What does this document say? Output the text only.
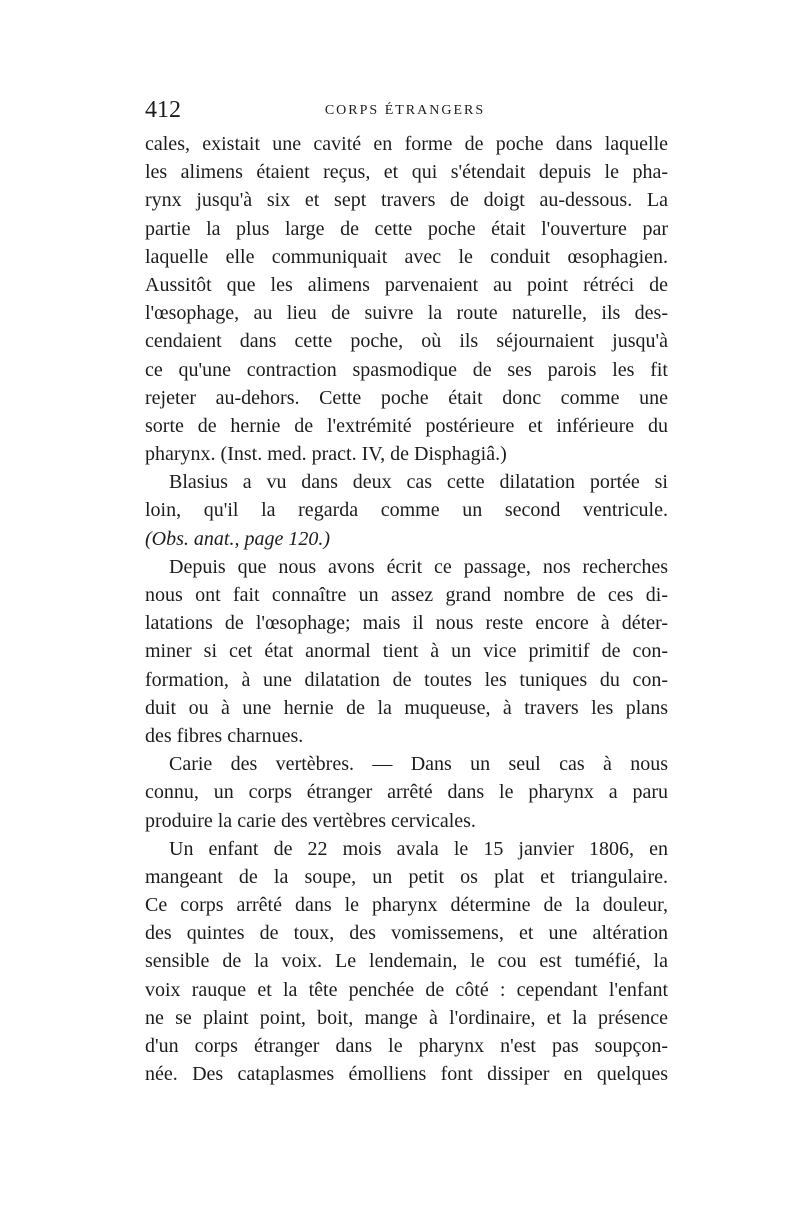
412	CORPS ÉTRANGERS
cales, existait une cavité en forme de poche dans laquelle
les alimens étaient reçus, et qui s'étendait depuis le pha-
rynx jusqu'à six et sept travers de doigt au-dessous. La
partie la plus large de cette poche était l'ouverture par
laquelle elle communiquait avec le conduit œsophagien.
Aussitôt que les alimens parvenaient au point rétréci de
l'œsophage, au lieu de suivre la route naturelle, ils des-
cendaient dans cette poche, où ils séjournaient jusqu'à
ce qu'une contraction spasmodique de ses parois les fit
rejeter au-dehors. Cette poche était donc comme une
sorte de hernie de l'extrémité postérieure et inférieure du
pharynx. (Inst. med. pract. IV, de Disphagiâ.)
Blasius a vu dans deux cas cette dilatation portée si
loin, qu'il la regarda comme un second ventricule.
(Obs. anat., page 120.)
Depuis que nous avons écrit ce passage, nos recherches
nous ont fait connaître un assez grand nombre de ces di-
latations de l'œsophage; mais il nous reste encore à déter-
miner si cet état anormal tient à un vice primitif de con-
formation, à une dilatation de toutes les tuniques du con-
duit ou à une hernie de la muqueuse, à travers les plans
des fibres charnues.
Carie des vertèbres. — Dans un seul cas à nous
connu, un corps étranger arrêté dans le pharynx a paru
produire la carie des vertèbres cervicales.
Un enfant de 22 mois avala le 15 janvier 1806, en
mangeant de la soupe, un petit os plat et triangulaire.
Ce corps arrêté dans le pharynx détermine de la douleur,
des quintes de toux, des vomissemens, et une altération
sensible de la voix. Le lendemain, le cou est tuméfié, la
voix rauque et la tête penchée de côté : cependant l'enfant
ne se plaint point, boit, mange à l'ordinaire, et la présence
d'un corps étranger dans le pharynx n'est pas soupçon-
née. Des cataplasmes émolliens font dissiper en quelques
